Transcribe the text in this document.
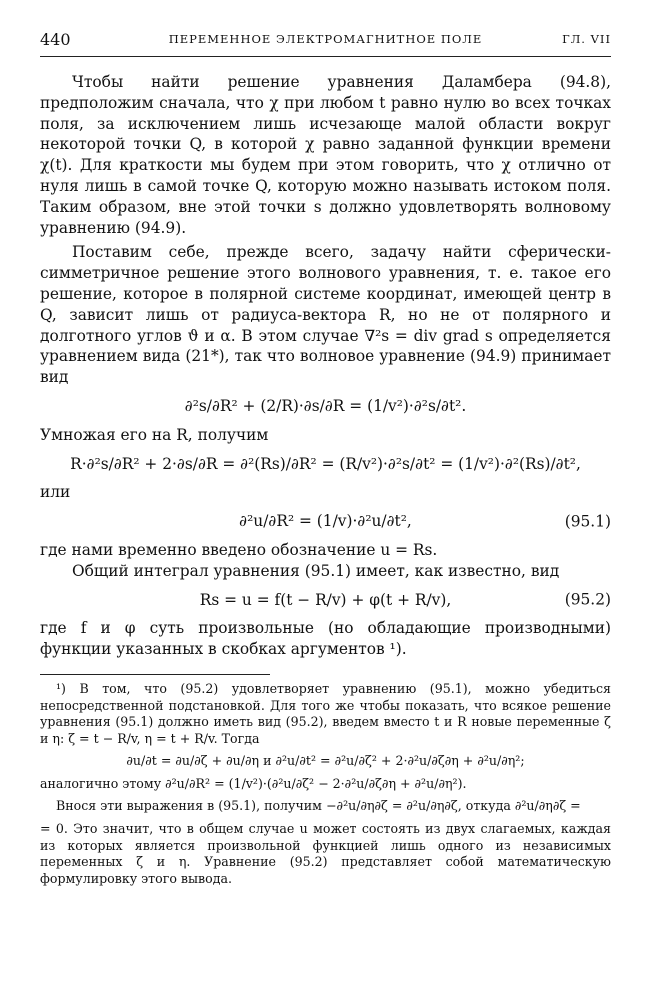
440	ПЕРЕМЕННОЕ ЭЛЕКТРОМАГНИТНОЕ ПОЛЕ	ГЛ. VII

Чтобы найти решение уравнения Даламбера (94.8), предположим сначала, что χ при любом t равно нулю во всех точках поля, за исключением лишь исчезающе малой области вокруг некоторой точки Q, в которой χ равно заданной функции времени χ(t). Для краткости мы будем при этом говорить, что χ отлично от нуля лишь в самой точке Q, которую можно называть истоком поля. Таким образом, вне этой точки s должно удовлетворять волновому уравнению (94.9).

Поставим себе, прежде всего, задачу найти сферически-симметричное решение этого волнового уравнения, т. е. такое его решение, которое в полярной системе координат, имеющей центр в Q, зависит лишь от радиуса-вектора R, но не от полярного и долготного углов ϑ и α. В этом случае ∇²s = div grad s определяется уравнением вида (21*), так что волновое уравнение (94.9) принимает вид

∂²s/∂R² + (2/R)·∂s/∂R = (1/v²)·∂²s/∂t².

Умножая его на R, получим

R·∂²s/∂R² + 2·∂s/∂R = ∂²(Rs)/∂R² = (R/v²)·∂²s/∂t² = (1/v²)·∂²(Rs)/∂t²,

или

∂²u/∂R² = (1/v)·∂²u/∂t²,	(95.1)

где нами временно введено обозначение u = Rs.

Общий интеграл уравнения (95.1) имеет, как известно, вид

Rs = u = f(t − R/v) + φ(t + R/v),	(95.2)

где f и φ суть произвольные (но обладающие производными) функции указанных в скобках аргументов ¹).

¹) В том, что (95.2) удовлетворяет уравнению (95.1), можно убедиться непосредственной подстановкой. Для того же чтобы показать, что всякое решение уравнения (95.1) должно иметь вид (95.2), введем вместо t и R новые переменные ζ и η: ζ = t − R/v, η = t + R/v. Тогда

∂u/∂t = ∂u/∂ζ + ∂u/∂η и ∂²u/∂t² = ∂²u/∂ζ² + 2·∂²u/∂ζ∂η + ∂²u/∂η²;
аналогично этому ∂²u/∂R² = (1/v²)·(∂²u/∂ζ² − 2·∂²u/∂ζ∂η + ∂²u/∂η²).
Внося эти выражения в (95.1), получим −∂²u/∂η∂ζ = ∂²u/∂η∂ζ, откуда ∂²u/∂η∂ζ =

= 0. Это значит, что в общем случае u может состоять из двух слагаемых, каждая из которых является произвольной функцией лишь одного из независимых переменных ζ и η. Уравнение (95.2) представляет собой математическую формулировку этого вывода.
